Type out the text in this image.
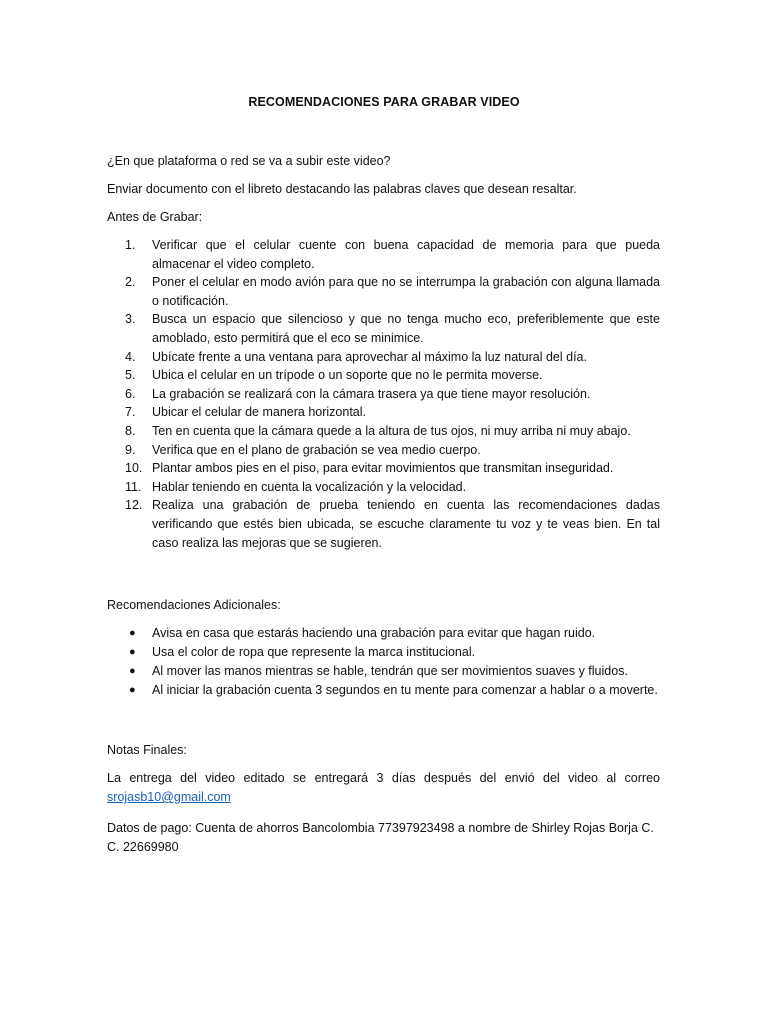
RECOMENDACIONES PARA GRABAR VIDEO

¿En que plataforma o red se va a subir este video?

Enviar documento con el libreto destacando las palabras claves que desean resaltar.

Antes de Grabar:

1.	Verificar que el celular cuente con buena capacidad de memoria para que pueda almacenar el video completo.
2.	Poner el celular en modo avión para que no se interrumpa la grabación con alguna llamada o notificación.
3.	Busca un espacio que silencioso y que no tenga mucho eco, preferiblemente que este amoblado, esto permitirá que el eco se minimice.
4.	Ubícate frente a una ventana para aprovechar al máximo la luz natural del día.
5.	Ubica el celular en un trípode o un soporte que no le permita moverse.
6.	La grabación se realizará con la cámara trasera ya que tiene mayor resolución.
7.	Ubicar el celular de manera horizontal.
8.	Ten en cuenta que la cámara quede a la altura de tus ojos, ni muy arriba ni muy abajo.
9.	Verifica que en el plano de grabación se vea medio cuerpo.
10. Plantar ambos pies en el piso, para evitar movimientos que transmitan inseguridad.
11. Hablar teniendo en cuenta la vocalización y la velocidad.
12. Realiza una grabación de prueba teniendo en cuenta las recomendaciones dadas verificando que estés bien ubicada, se escuche claramente tu voz y te veas bien. En tal caso realiza las mejoras que se sugieren.

Recomendaciones Adicionales:

● Avisa en casa que estarás haciendo una grabación para evitar que hagan ruido.
● Usa el color de ropa que represente la marca institucional.
● Al mover las manos mientras se hable, tendrán que ser movimientos suaves y fluidos.
● Al iniciar la grabación cuenta 3 segundos en tu mente para comenzar a hablar o a moverte.

Notas Finales:

La entrega del video editado se entregará 3 días después del envió del video al correo srojasb10@gmail.com

Datos de pago: Cuenta de ahorros Bancolombia 77397923498 a nombre de Shirley Rojas Borja C. C. 22669980
